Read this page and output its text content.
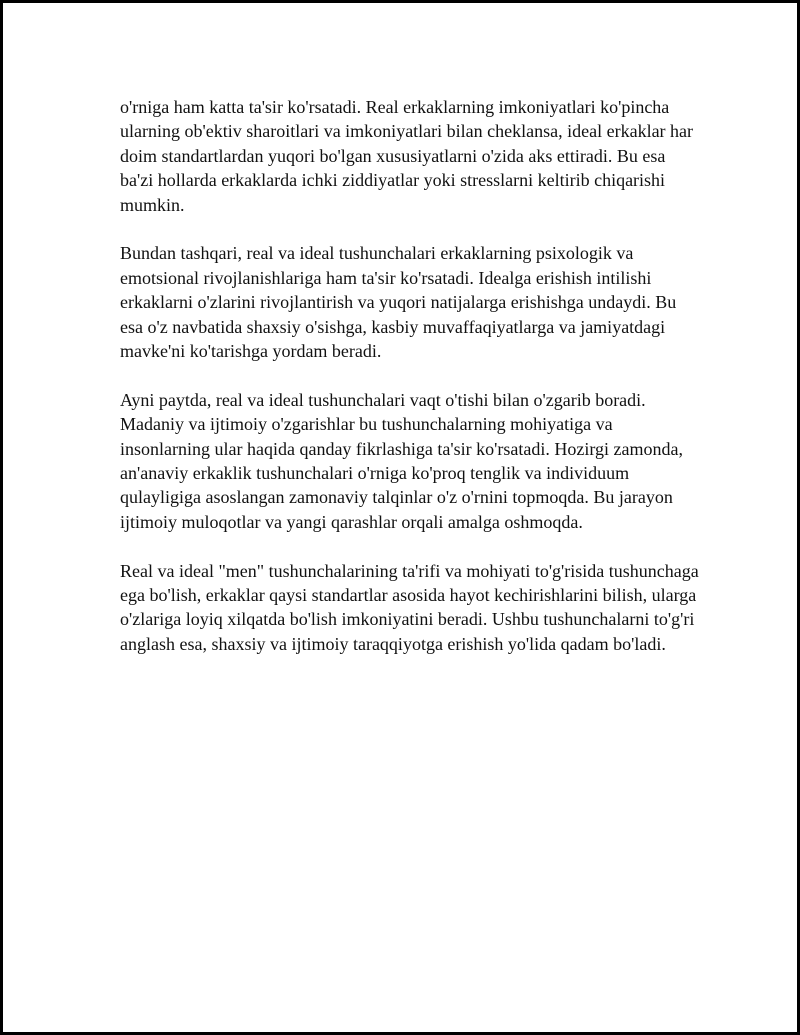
o'rniga ham katta ta'sir ko'rsatadi. Real erkaklarning imkoniyatlari ko'pincha ularning ob'ektiv sharoitlari va imkoniyatlari bilan cheklansa, ideal erkaklar har doim standartlardan yuqori bo'lgan xususiyatlarni o'zida aks ettiradi. Bu esa ba'zi hollarda erkaklarda ichki ziddiyatlar yoki stresslarni keltirib chiqarishi mumkin.

Bundan tashqari, real va ideal tushunchalari erkaklarning psixologik va emotsional rivojlanishlariga ham ta'sir ko'rsatadi. Idealga erishish intilishi erkaklarni o'zlarini rivojlantirish va yuqori natijalarga erishishga undaydi. Bu esa o'z navbatida shaxsiy o'sishga, kasbiy muvaffaqiyatlarga va jamiyatdagi mavke'ni ko'tarishga yordam beradi.

Ayni paytda, real va ideal tushunchalari vaqt o'tishi bilan o'zgarib boradi. Madaniy va ijtimoiy o'zgarishlar bu tushunchalarning mohiyatiga va insonlarning ular haqida qanday fikrlashiga ta'sir ko'rsatadi. Hozirgi zamonda, an'anaviy erkaklik tushunchalari o'rniga ko'proq tenglik va individuum qulayligiga asoslangan zamonaviy talqinlar o'z o'rnini topmoqda. Bu jarayon ijtimoiy muloqotlar va yangi qarashlar orqali amalga oshmoqda.

Real va ideal "men" tushunchalarining ta'rifi va mohiyati to'g'risida tushunchaga ega bo'lish, erkaklar qaysi standartlar asosida hayot kechirishlarini bilish, ularga o'zlariga loyiq xilqatda bo'lish imkoniyatini beradi. Ushbu tushunchalarni to'g'ri anglash esa, shaxsiy va ijtimoiy taraqqiyotga erishish yo'lida qadam bo'ladi.
